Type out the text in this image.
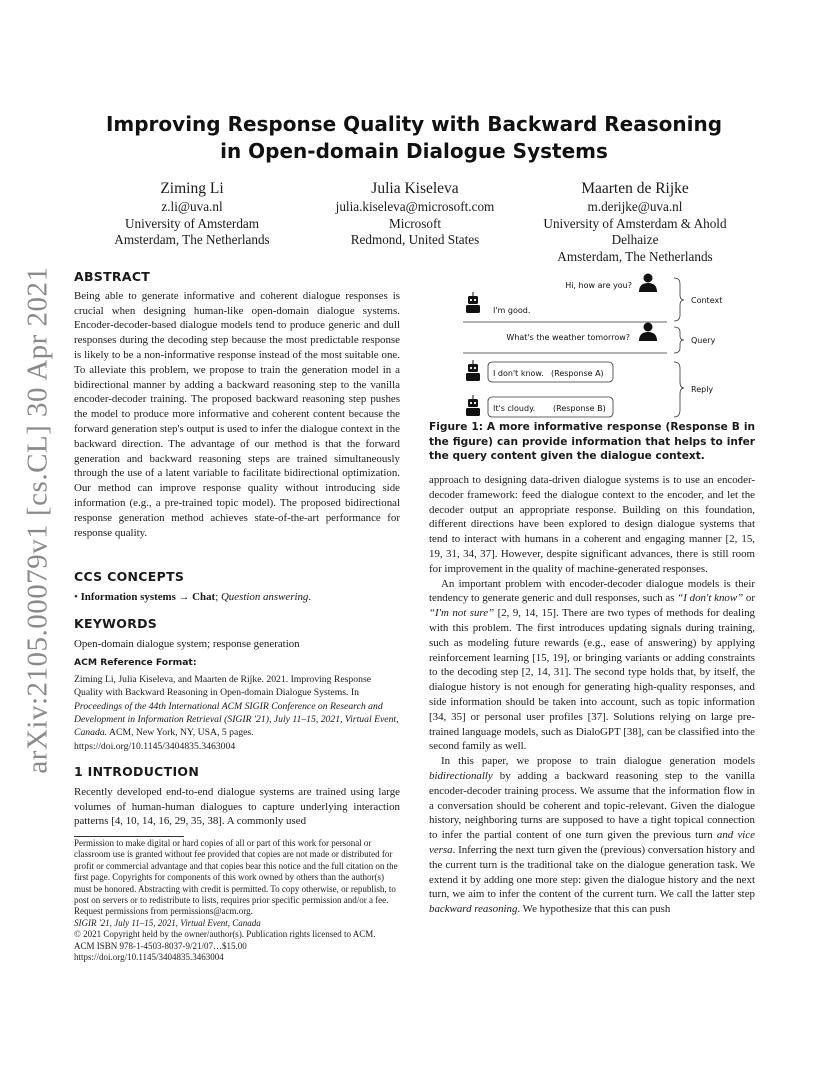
arXiv:2105.00079v1 [cs.CL] 30 Apr 2021
Improving Response Quality with Backward Reasoning
in Open-domain Dialogue Systems
Ziming Li
z.li@uva.nl
University of Amsterdam
Amsterdam, The Netherlands
Julia Kiseleva
julia.kiseleva@microsoft.com
Microsoft
Redmond, United States
Maarten de Rijke
m.derijke@uva.nl
University of Amsterdam & Ahold
Delhaize
Amsterdam, The Netherlands
ABSTRACT

Being able to generate informative and coherent dialogue responses is crucial when designing human-like open-domain dialogue systems. Encoder-decoder-based dialogue models tend to produce generic and dull responses during the decoding step because the most predictable response is likely to be a non-informative response instead of the most suitable one. To alleviate this problem, we propose to train the generation model in a bidirectional manner by adding a backward reasoning step to the vanilla encoder-decoder training. The proposed backward reasoning step pushes the model to produce more informative and coherent content because the forward generation step's output is used to infer the dialogue context in the backward direction. The advantage of our method is that the forward generation and backward reasoning steps are trained simultaneously through the use of a latent variable to facilitate bidirectional optimization. Our method can improve response quality without introducing side information (e.g., a pre-trained topic model). The proposed bidirectional response generation method achieves state-of-the-art performance for response quality.

CCS CONCEPTS

• Information systems → Chat; Question answering.

KEYWORDS

Open-domain dialogue system; response generation

ACM Reference Format:

Ziming Li, Julia Kiseleva, and Maarten de Rijke. 2021. Improving Response Quality with Backward Reasoning in Open-domain Dialogue Systems. In Proceedings of the 44th International ACM SIGIR Conference on Research and Development in Information Retrieval (SIGIR '21), July 11–15, 2021, Virtual Event, Canada. ACM, New York, NY, USA, 5 pages. https://doi.org/10.1145/3404835.3463004

1 INTRODUCTION

Recently developed end-to-end dialogue systems are trained using large volumes of human-human dialogues to capture underlying interaction patterns [4, 10, 14, 16, 29, 35, 38]. A commonly used

Permission to make digital or hard copies of all or part of this work for personal or classroom use is granted without fee provided that copies are not made or distributed for profit or commercial advantage and that copies bear this notice and the full citation on the first page. Copyrights for components of this work owned by others than the author(s) must be honored. Abstracting with credit is permitted. To copy otherwise, or republish, to post on servers or to redistribute to lists, requires prior specific permission and/or a fee. Request permissions from permissions@acm.org.

SIGIR '21, July 11–15, 2021, Virtual Event, Canada

© 2021 Copyright held by the owner/author(s). Publication rights licensed to ACM.

ACM ISBN 978-1-4503-8037-9/21/07…$15.00

https://doi.org/10.1145/3404835.3463004

Hi, how are you?
I'm good.
What's the weather tomorrow?
I don't know. (Response A)
It's cloudy. (Response B)
Context
Query
Reply
Figure 1: A more informative response (Response B in the figure) can provide information that helps to infer the query content given the dialogue context.

approach to designing data-driven dialogue systems is to use an encoder-decoder framework: feed the dialogue context to the encoder, and let the decoder output an appropriate response. Building on this foundation, different directions have been explored to design dialogue systems that tend to interact with humans in a coherent and engaging manner [2, 15, 19, 31, 34, 37]. However, despite significant advances, there is still room for improvement in the quality of machine-generated responses.

An important problem with encoder-decoder dialogue models is their tendency to generate generic and dull responses, such as “I don't know” or “I'm not sure” [2, 9, 14, 15]. There are two types of methods for dealing with this problem. The first introduces updating signals during training, such as modeling future rewards (e.g., ease of answering) by applying reinforcement learning [15, 19], or bringing variants or adding constraints to the decoding step [2, 14, 31]. The second type holds that, by itself, the dialogue history is not enough for generating high-quality responses, and side information should be taken into account, such as topic information [34, 35] or personal user profiles [37]. Solutions relying on large pre-trained language models, such as DialoGPT [38], can be classified into the second family as well.

In this paper, we propose to train dialogue generation models bidirectionally by adding a backward reasoning step to the vanilla encoder-decoder training process. We assume that the information flow in a conversation should be coherent and topic-relevant. Given the dialogue history, neighboring turns are supposed to have a tight topical connection to infer the partial content of one turn given the previous turn and vice versa. Inferring the next turn given the (previous) conversation history and the current turn is the traditional take on the dialogue generation task. We extend it by adding one more step: given the dialogue history and the next turn, we aim to infer the content of the current turn. We call the latter step backward reasoning. We hypothesize that this can push
